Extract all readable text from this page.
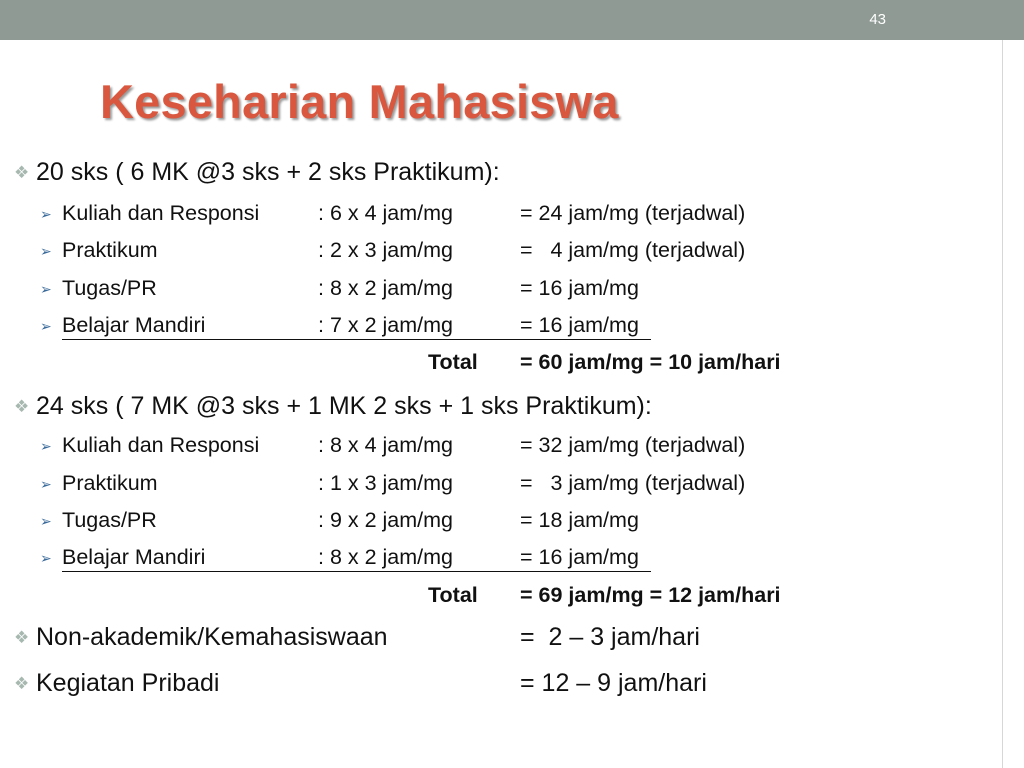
43
Keseharian Mahasiswa
❖ 20 sks ( 6 MK @3 sks + 2 sks Praktikum):
➢ Kuliah dan Responsi	: 6 x 4 jam/mg	= 24 jam/mg (terjadwal)
➢ Praktikum	: 2 x 3 jam/mg	=   4 jam/mg (terjadwal)
➢ Tugas/PR	: 8 x 2 jam/mg	= 16 jam/mg
➢ Belajar Mandiri	: 7 x 2 jam/mg	= 16 jam/mg
Total = 60 jam/mg = 10 jam/hari
❖ 24 sks ( 7 MK @3 sks + 1 MK 2 sks + 1 sks Praktikum):
➢ Kuliah dan Responsi	: 8 x 4 jam/mg	= 32 jam/mg (terjadwal)
➢ Praktikum	: 1 x 3 jam/mg	=   3 jam/mg (terjadwal)
➢ Tugas/PR	: 9 x 2 jam/mg	= 18 jam/mg
➢ Belajar Mandiri	: 8 x 2 jam/mg	= 16 jam/mg
Total = 69 jam/mg = 12 jam/hari
❖ Non-akademik/Kemahasiswaan	=  2 – 3 jam/hari
❖ Kegiatan Pribadi	= 12 – 9 jam/hari
